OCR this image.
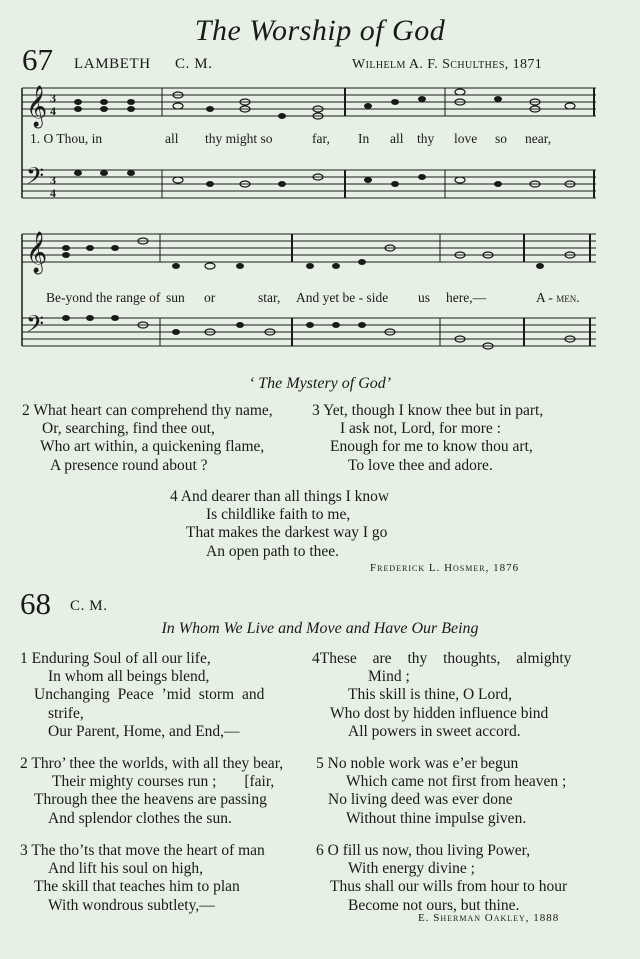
The Worship of God
67 LAMBETH C. M.	Wilhelm A. F. Schulthes, 1871
𝄞 3
4
𝄢 3
4
1. O Thou, in	all thy might so	far, In all thy love so near,
𝄞
𝄢
Be-yond the range of sun or	star, And yet be - side us here,—	A - men.
‘ The Mystery of God’
2 What heart can comprehend thy name,
Or, searching, find thee out,
Who art within, a quickening flame,
A presence round about ?
3 Yet, though I know thee but in part,
I ask not, Lord, for more :
Enough for me to know thou art,
To love thee and adore.
4 And dearer than all things I know
Is childlike faith to me,
That makes the darkest way I go
An open path to thee.
Frederick L. Hosmer, 1876
68 C. M.
In Whom We Live and Move and Have Our Being
1 Enduring Soul of all our life,
In whom all beings blend,
Unchanging Peace ’mid storm and
strife,
Our Parent, Home, and End,—
2 Thro’ thee the worlds, with all they bear,
Their mighty courses run ; [fair,
Through thee the heavens are passing
And splendor clothes the sun.
3 The tho’ts that move the heart of man
And lift his soul on high,
The skill that teaches him to plan
With wondrous subtlety,—
4These are thy thoughts, almighty
Mind ;
This skill is thine, O Lord,
Who dost by hidden influence bind
All powers in sweet accord.
5 No noble work was e’er begun
Which came not first from heaven ;
No living deed was ever done
Without thine impulse given.
6 O fill us now, thou living Power,
With energy divine ;
Thus shall our wills from hour to hour
Become not ours, but thine.
E. Sherman Oakley, 1888
